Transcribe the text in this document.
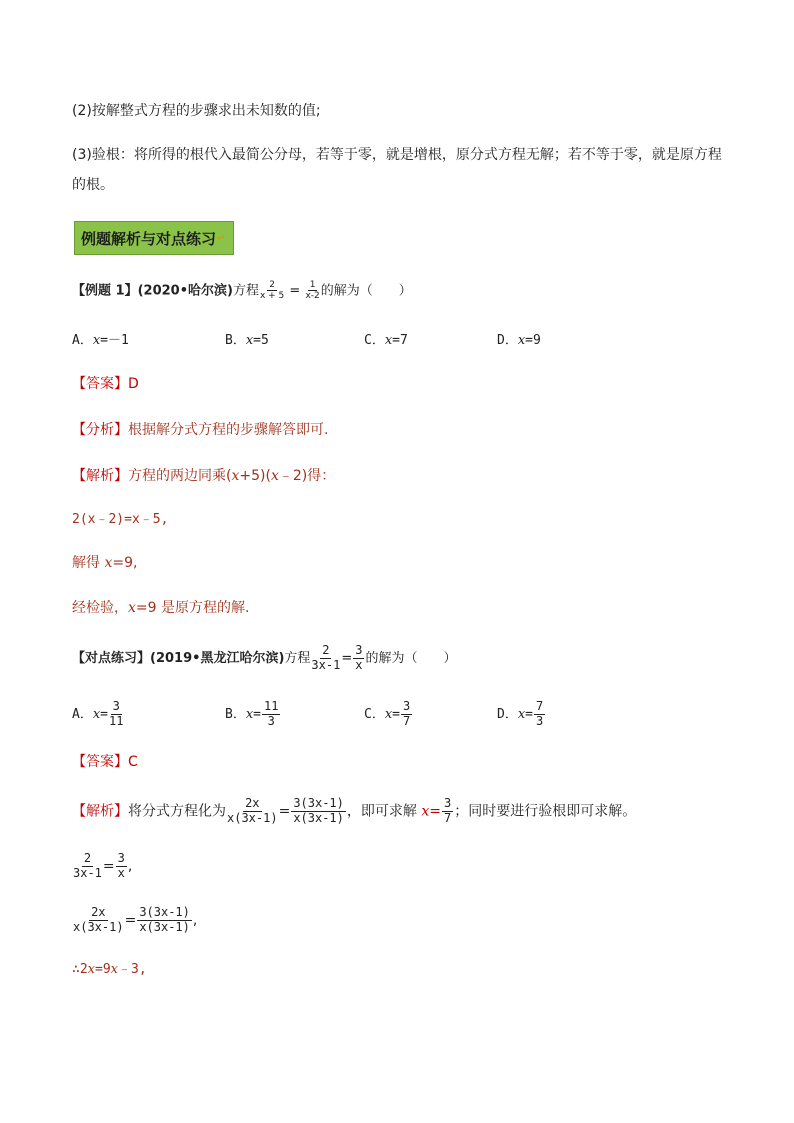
(2)按解整式方程的步骤求出未知数的值;
(3)验根：将所得的根代入最简公分母，若等于零，就是增根，原分式方程无解；若不等于零，就是原方程
的根。
例题解析与对点练习 ↵
【例题 1】(2020•哈尔滨)方程 $\frac{2}{x + 5} = \frac{1}{x-2}$ 的解为（　　）
A．x=－1	B．x=5	C．x=7	D．x=9
【答案】D
【分析】根据解分式方程的步骤解答即可.
【解析】方程的两边同乘(x+5)(x﹣2)得：
2(x﹣2)=x﹣5,
解得 x=9,
经检验，x=9 是原方程的解.
【对点练习】(2019•黑龙江哈尔滨)方程 $\frac{2}{3x-1} = \frac{3}{x}$ 的解为（　　）
A．$x= \frac{3}{11}$	B．$x= \frac{11}{3}$	C．$x= \frac{3}{7}$	D．$x= \frac{7}{3}$
【答案】C
【解析】将分式方程化为 $\frac{2x}{x(3x-1)} = \frac{3(3x-1)}{x(3x-1)}$ ，即可求解 $x= \frac{3}{7}$ ；同时要进行验根即可求解。
$\frac{2}{3x-1} = \frac{3}{x}$ ,
$\frac{2x}{x(3x-1)} = \frac{3(3x-1)}{x(3x-1)}$ ,
∴2x=9x﹣3,
